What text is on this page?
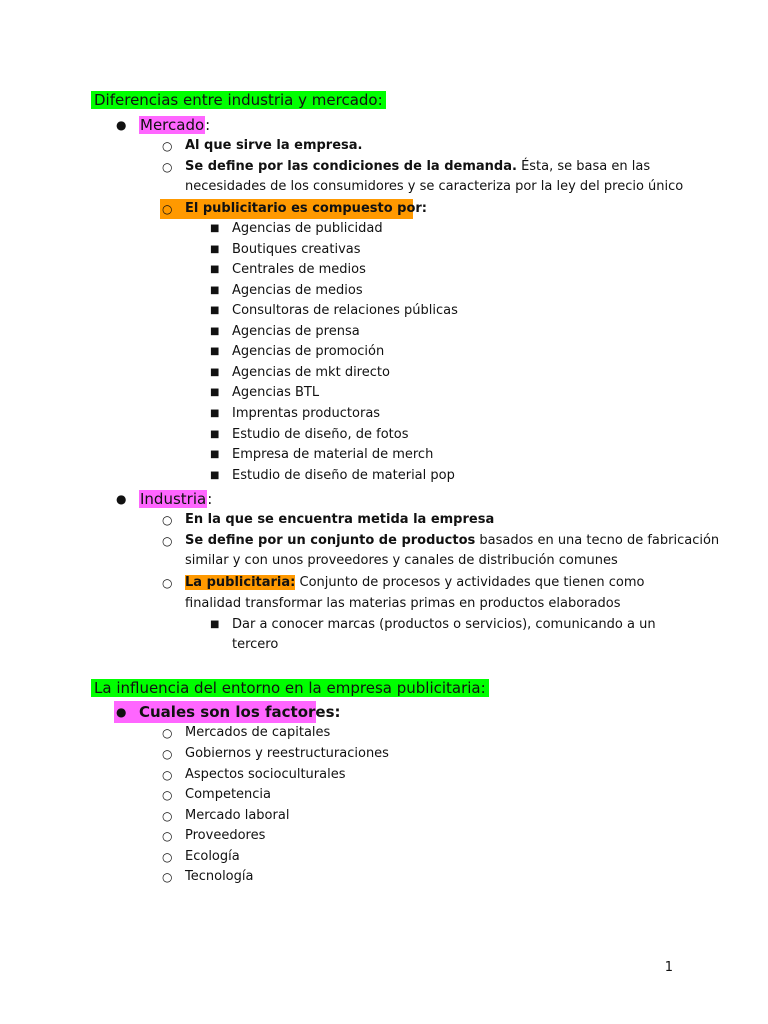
Diferencias entre industria y mercado:
● Mercado:
○ Al que sirve la empresa.
○ Se define por las condiciones de la demanda. Ésta, se basa en las
necesidades de los consumidores y se caracteriza por la ley del precio único
○ El publicitario es compuesto por:
■ Agencias de publicidad
■ Boutiques creativas
■ Centrales de medios
■ Agencias de medios
■ Consultoras de relaciones públicas
■ Agencias de prensa
■ Agencias de promoción
■ Agencias de mkt directo
■ Agencias BTL
■ Imprentas productoras
■ Estudio de diseño, de fotos
■ Empresa de material de merch
■ Estudio de diseño de material pop
● Industria:
○ En la que se encuentra metida la empresa
○ Se define por un conjunto de productos basados en una tecno de fabricación
similar y con unos proveedores y canales de distribución comunes
○ La publicitaria: Conjunto de procesos y actividades que tienen como
finalidad transformar las materias primas en productos elaborados
■ Dar a conocer marcas (productos o servicios), comunicando a un
tercero
La influencia del entorno en la empresa publicitaria:
● Cuales son los factores:
○ Mercados de capitales
○ Gobiernos y reestructuraciones
○ Aspectos socioculturales
○ Competencia
○ Mercado laboral
○ Proveedores
○ Ecología
○ Tecnología
1
